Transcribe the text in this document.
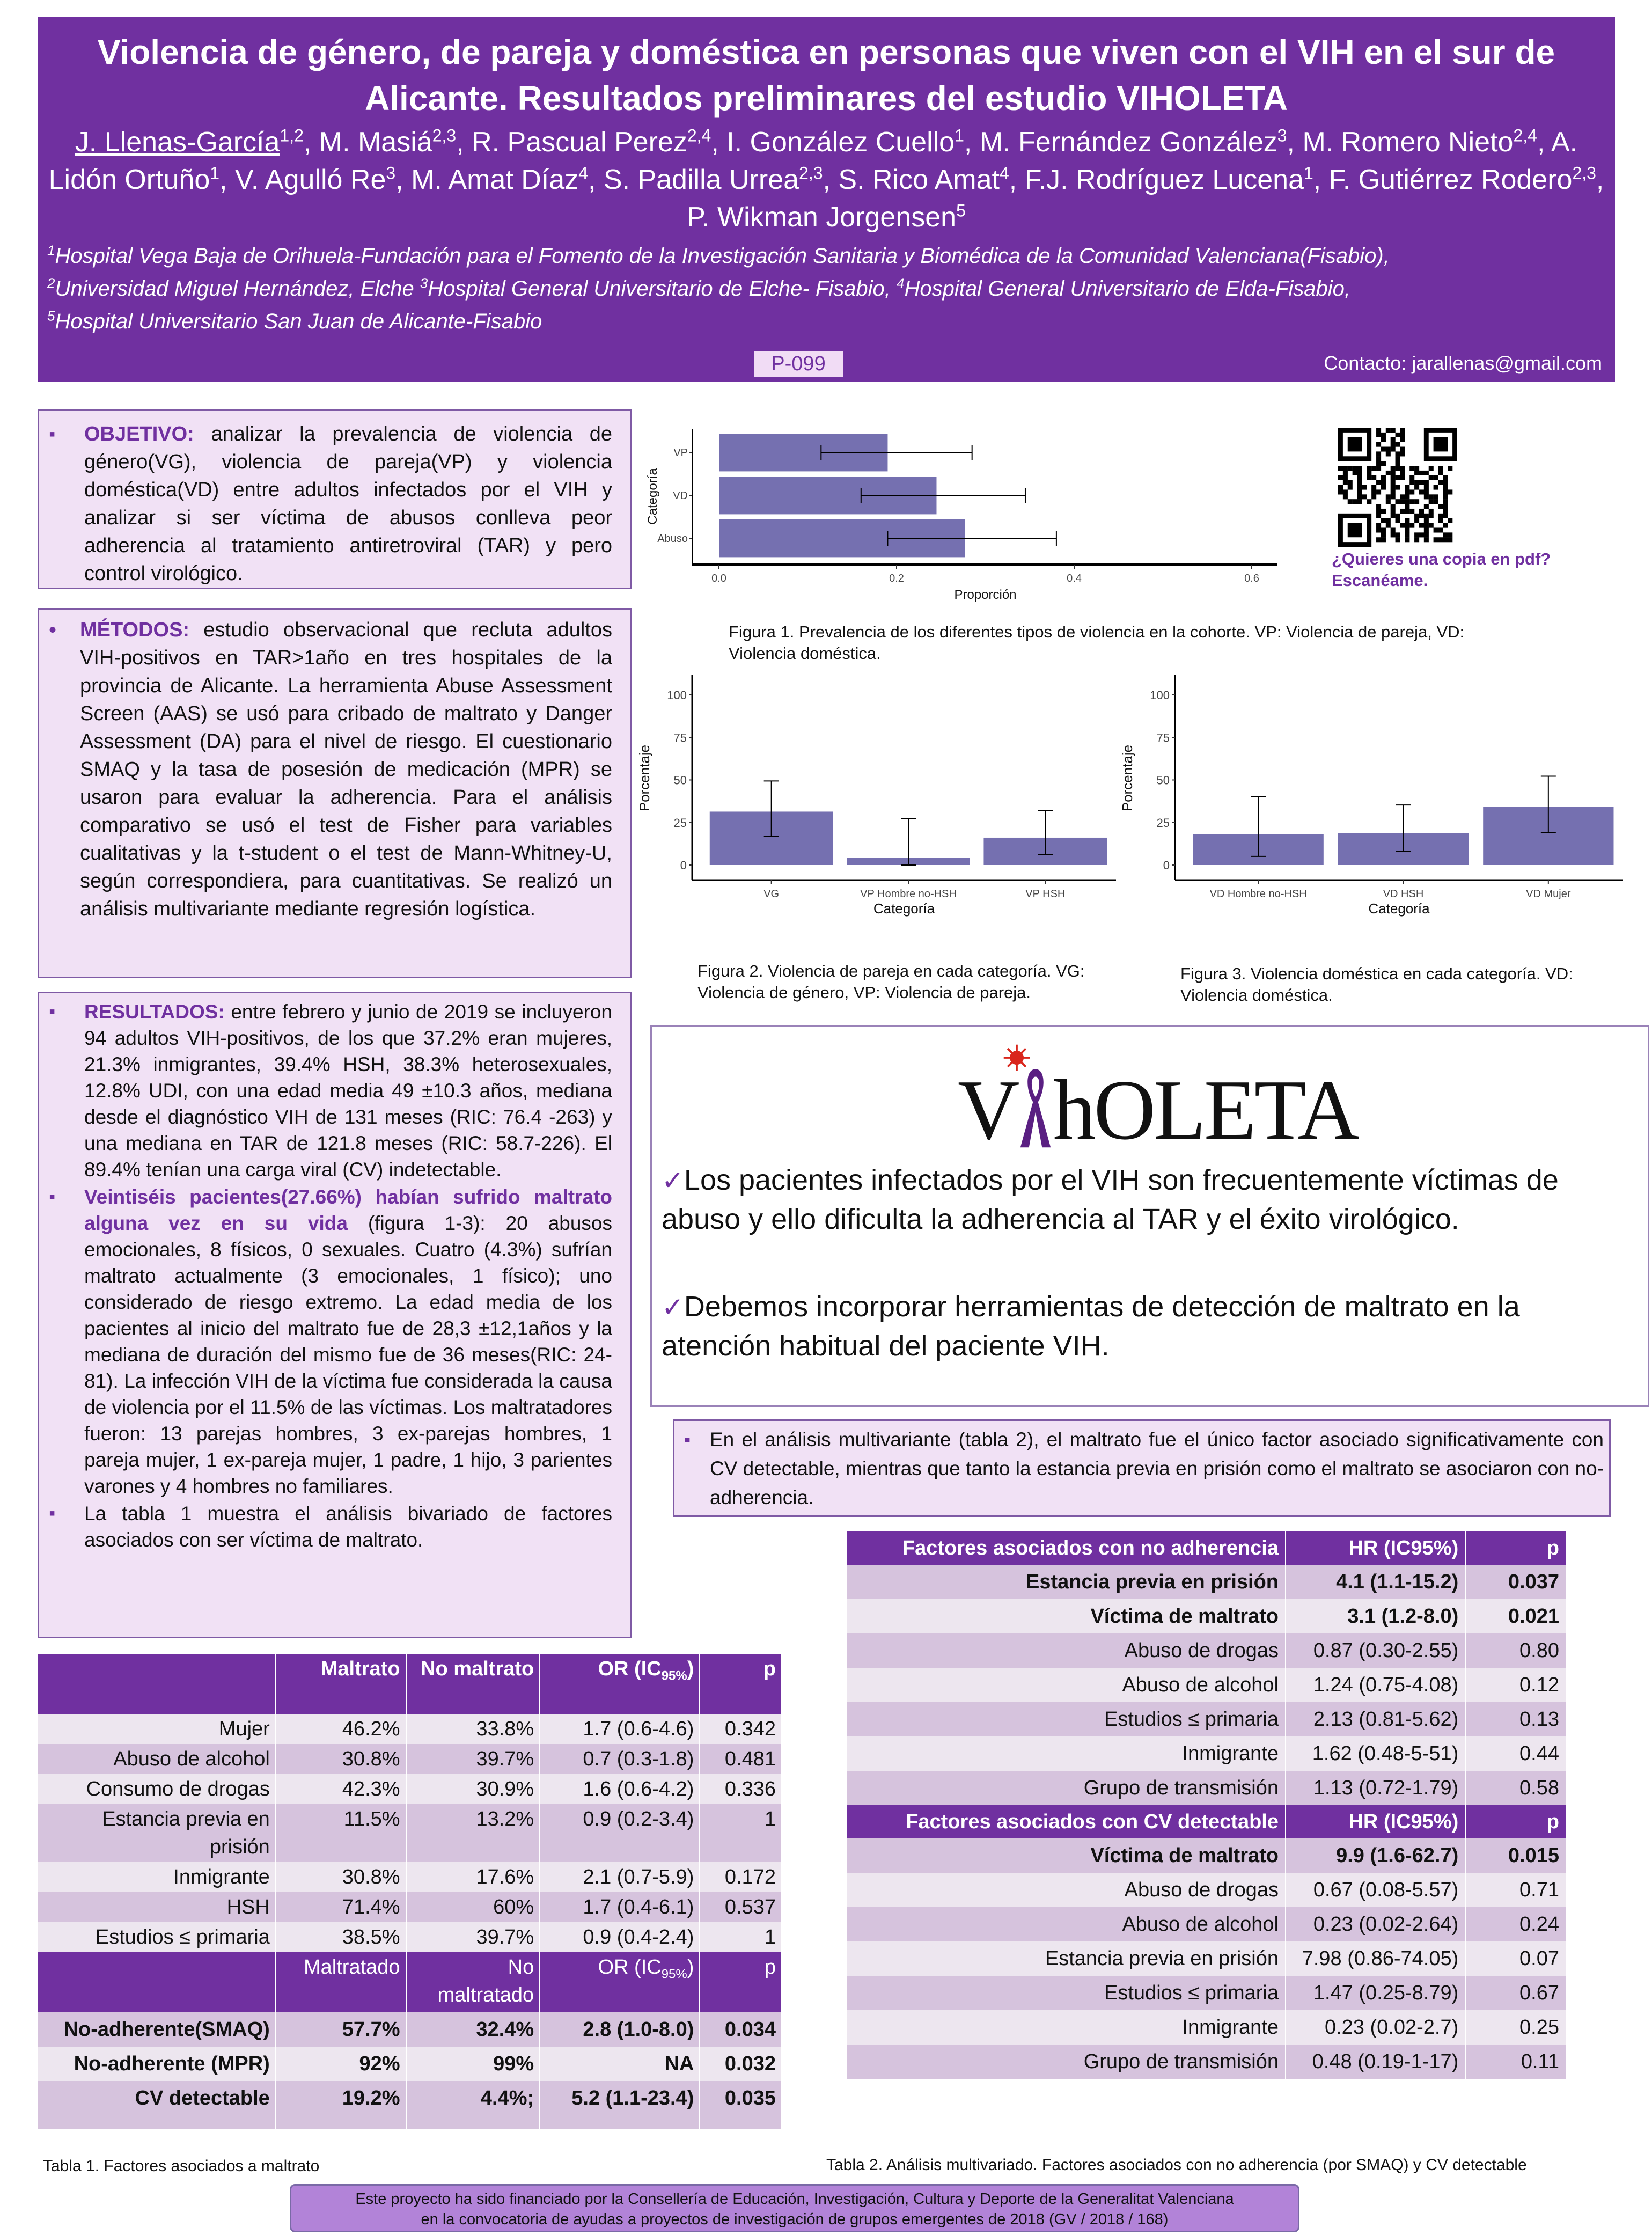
Violencia de género, de pareja y doméstica en personas que viven con el VIH en el sur de Alicante. Resultados preliminares del estudio VIHOLETA
J. Llenas-García$^{1,2}$, M. Masiá$^{2,3}$, R. Pascual Perez$^{2,4}$, I. González Cuello$^1$, M. Fernández González$^3$, M. Romero Nieto$^{2,4}$, A. Lidón Ortuño$^1$, V. Agulló Re$^3$, M. Amat Díaz$^4$, S. Padilla Urrea$^{2,3}$, S. Rico Amat$^4$, F.J. Rodríguez Lucena$^1$, F. Gutiérrez Rodero$^{2,3}$, P. Wikman Jorgensen$^5$
$^1$Hospital Vega Baja de Orihuela-Fundación para el Fomento de la Investigación Sanitaria y Biomédica de la Comunidad Valenciana(Fisabio),
$^2$Universidad Miguel Hernández, Elche $^3$Hospital General Universitario de Elche- Fisabio, $^4$Hospital General Universitario de Elda-Fisabio,
$^5$Hospital Universitario San Juan de Alicante-Fisabio
P-099	Contacto: jarallenas@gmail.com

▪ OBJETIVO: analizar la prevalencia de violencia de género(VG), violencia de pareja(VP) y violencia doméstica(VD) entre adultos infectados por el VIH y analizar si ser víctima de abusos conlleva peor adherencia al tratamiento antiretroviral (TAR) y pero control virológico.

• MÉTODOS: estudio observacional que recluta adultos VIH-positivos en TAR>1año en tres hospitales de la provincia de Alicante. La herramienta Abuse Assessment Screen (AAS) se usó para cribado de maltrato y Danger Assessment (DA) para el nivel de riesgo. El cuestionario SMAQ y la tasa de posesión de medicación (MPR) se usaron para evaluar la adherencia. Para el análisis comparativo se usó el test de Fisher para variables cualitativas y la t-student o el test de Mann-Whitney-U, según correspondiera, para cuantitativas. Se realizó un análisis multivariante mediante regresión logística.

▪ RESULTADOS: entre febrero y junio de 2019 se incluyeron 94 adultos VIH-positivos, de los que 37.2% eran mujeres, 21.3% inmigrantes, 39.4% HSH, 38.3% heterosexuales, 12.8% UDI, con una edad media 49 ±10.3 años, mediana desde el diagnóstico VIH de 131 meses (RIC: 76.4 -263) y una mediana en TAR de 121.8 meses (RIC: 58.7-226). El 89.4% tenían una carga viral (CV) indetectable.

▪ Veintiséis pacientes(27.66%) habían sufrido maltrato alguna vez en su vida (figura 1-3): 20 abusos emocionales, 8 físicos, 0 sexuales. Cuatro (4.3%) sufrían maltrato actualmente (3 emocionales, 1 físico); uno considerado de riesgo extremo. La edad media de los pacientes al inicio del maltrato fue de 28,3 ±12,1años y la mediana de duración del mismo fue de 36 meses(RIC: 24-81). La infección VIH de la víctima fue considerada la causa de violencia por el 11.5% de las víctimas. Los maltratadores fueron: 13 parejas hombres, 3 ex-parejas hombres, 1 pareja mujer, 1 ex-pareja mujer, 1 padre, 1 hijo, 3 parientes varones y 4 hombres no familiares.

▪ La tabla 1 muestra el análisis bivariado de factores asociados con ser víctima de maltrato.

	Maltrato	No maltrato	OR $(IC_{95\%})$	p
Mujer	46.2%	33.8%	1.7 (0.6-4.6)	0.342
Abuso de alcohol	30.8%	39.7%	0.7 (0.3-1.8)	0.481
Consumo de drogas	42.3%	30.9%	1.6 (0.6-4.2)	0.336
Estancia previa en prisión	11.5%	13.2%	0.9 (0.2-3.4)	1
Inmigrante	30.8%	17.6%	2.1 (0.7-5.9)	0.172
HSH	71.4%	60%	1.7 (0.4-6.1)	0.537
Estudios ≤ primaria	38.5%	39.7%	0.9 (0.4-2.4)	1
	Maltratado	No maltratado	OR $(IC_{95\%})$	p
No-adherente(SMAQ)	57.7%	32.4%	2.8 (1.0-8.0)	0.034
No-adherente (MPR)	92%	99%	NA	0.032
CV detectable	19.2%	4.4%;	5.2 (1.1-23.4)	0.035
Tabla 1. Factores asociados a maltrato
VP
VD
Abuso
0.0	0.2	0.4	0.6
Proporción
Categoría
Figura 1. Prevalencia de los diferentes tipos de violencia en la cohorte. VP: Violencia de pareja, VD: Violencia doméstica.
0
25
50
75
100
VG	VP Hombre no-HSH	VP HSH
Categoría
Porcentaje
Figura 2. Violencia de pareja en cada categoría. VG: Violencia de género, VP: Violencia de pareja.
0
25
50
75
100
VD Hombre no-HSH	VD HSH	VD Mujer
Categoría
Porcentaje
Figura 3. Violencia doméstica en cada categoría. VD: Violencia doméstica.
¿Quieres una copia en pdf?
Escanéame.
V hOLETA
✓Los pacientes infectados por el VIH son frecuentemente víctimas de abuso y ello dificulta la adherencia al TAR y el éxito virológico.
✓Debemos incorporar herramientas de detección de maltrato en la atención habitual del paciente VIH.

▪ En el análisis multivariante (tabla 2), el maltrato fue el único factor asociado significativamente con CV detectable, mientras que tanto la estancia previa en prisión como el maltrato se asociaron con no-adherencia.

Factores asociados con no adherencia	HR (IC95%)	p
Estancia previa en prisión	4.1 (1.1-15.2)	0.037
Víctima de maltrato	3.1 (1.2-8.0)	0.021
Abuso de drogas	0.87 (0.30-2.55)	0.80
Abuso de alcohol	1.24 (0.75-4.08)	0.12
Estudios ≤ primaria	2.13 (0.81-5.62)	0.13
Inmigrante	1.62 (0.48-5-51)	0.44
Grupo de transmisión	1.13 (0.72-1.79)	0.58
Factores asociados con CV detectable	HR (IC95%)	p
Víctima de maltrato	9.9 (1.6-62.7)	0.015
Abuso de drogas	0.67 (0.08-5.57)	0.71
Abuso de alcohol	0.23 (0.02-2.64)	0.24
Estancia previa en prisión	7.98 (0.86-74.05)	0.07
Estudios ≤ primaria	1.47 (0.25-8.79)	0.67
Inmigrante	0.23 (0.02-2.7)	0.25
Grupo de transmisión	0.48 (0.19-1-17)	0.11
Tabla 2. Análisis multivariado. Factores asociados con no adherencia (por SMAQ) y CV detectable
Este proyecto ha sido financiado por la Consellería de Educación, Investigación, Cultura y Deporte de la Generalitat Valenciana
en la convocatoria de ayudas a proyectos de investigación de grupos emergentes de 2018 (GV / 2018 / 168)
